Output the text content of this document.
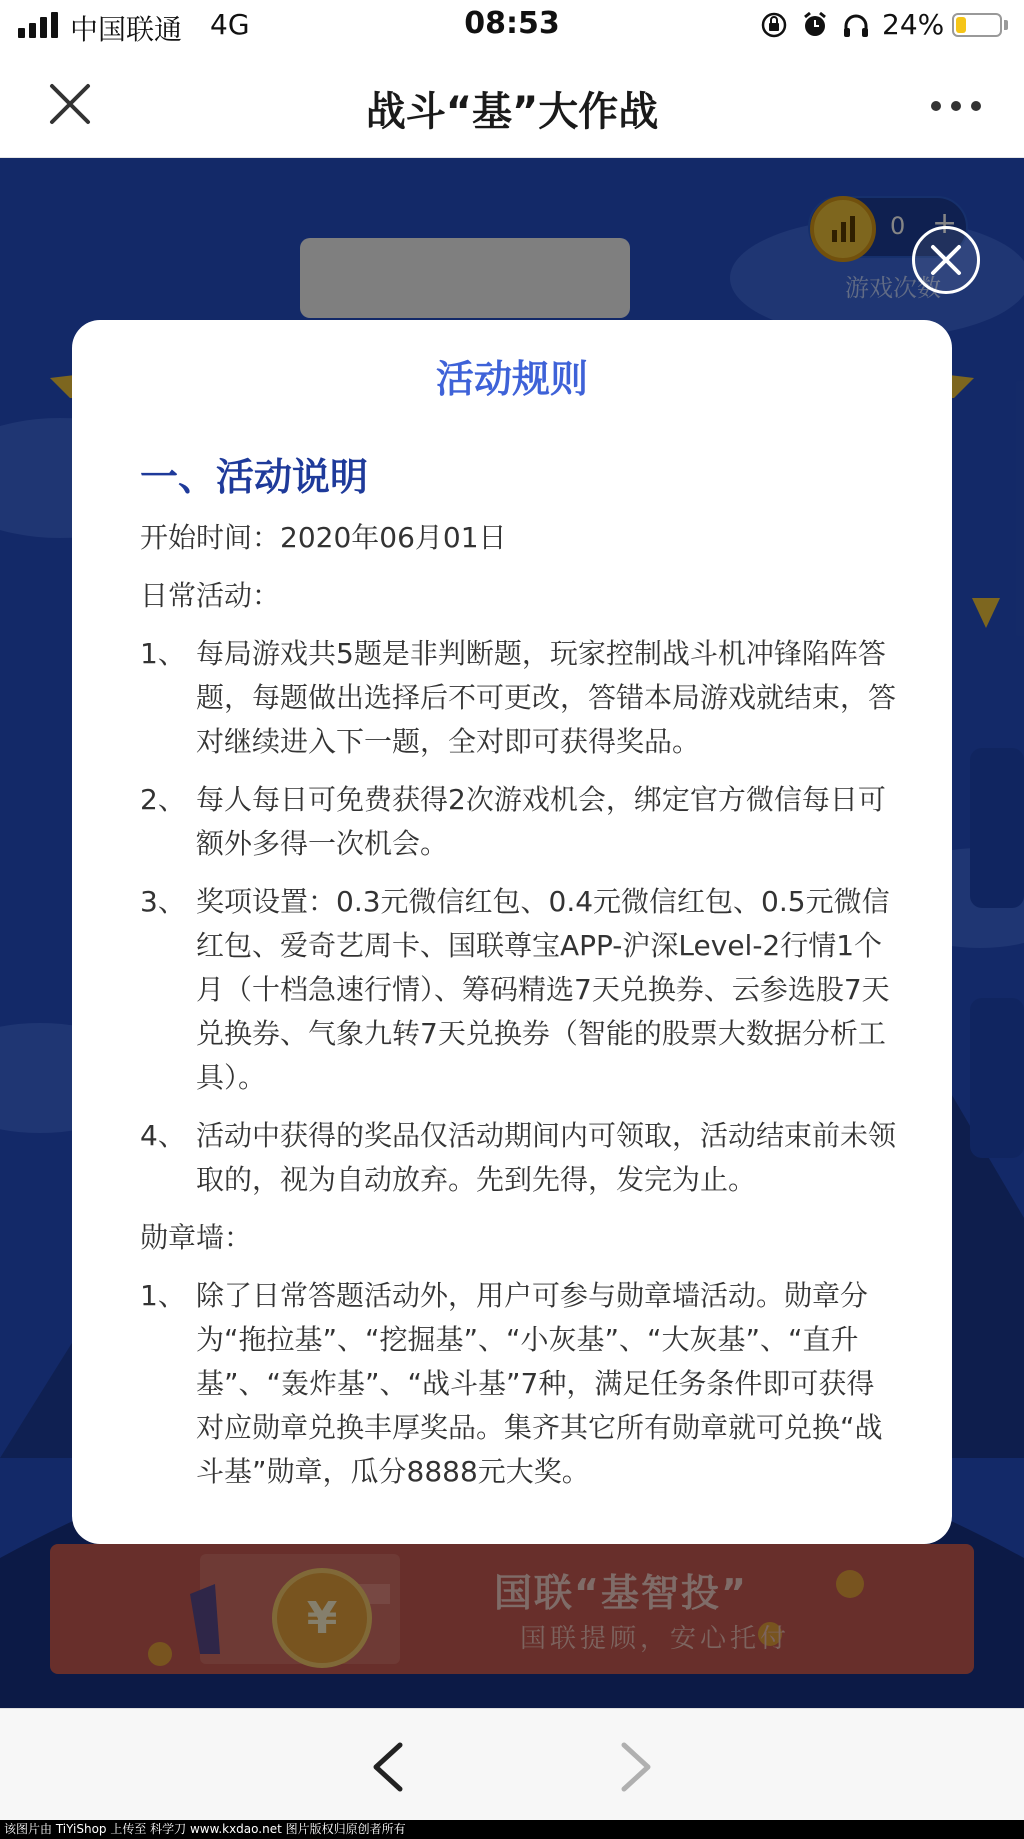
中国联通 4G	08:53	24%
战斗“基”大作战
0 +
游戏次数
¥	国联“基智投”
国联提顾，安心托付
活动规则
一、活动说明
开始时间：2020年06月01日
日常活动：
1、 每局游戏共5题是非判断题，玩家控制战斗机冲锋陷阵答题，每题做出选择后不可更改，答错本局游戏就结束，答对继续进入下一题，全对即可获得奖品。
2、 每人每日可免费获得2次游戏机会，绑定官方微信每日可额外多得一次机会。
3、 奖项设置：0.3元微信红包、0.4元微信红包、0.5元微信红包、爱奇艺周卡、国联尊宝APP-沪深Level-2行情1个月（十档急速行情）、筹码精选7天兑换券、云参选股7天兑换券、气象九转7天兑换券（智能的股票大数据分析工具）。
4、 活动中获得的奖品仅活动期间内可领取，活动结束前未领取的，视为自动放弃。先到先得，发完为止。
勋章墙：
1、 除了日常答题活动外，用户可参与勋章墙活动。勋章分为“拖拉基”、“挖掘基”、“小灰基”、“大灰基”、“直升基”、“轰炸基”、“战斗基”7种，满足任务条件即可获得对应勋章兑换丰厚奖品。集齐其它所有勋章就可兑换“战斗基”勋章，瓜分8888元大奖。
该图片由 TiYiShop 上传至 科学刀 www.kxdao.net 图片版权归原创者所有
